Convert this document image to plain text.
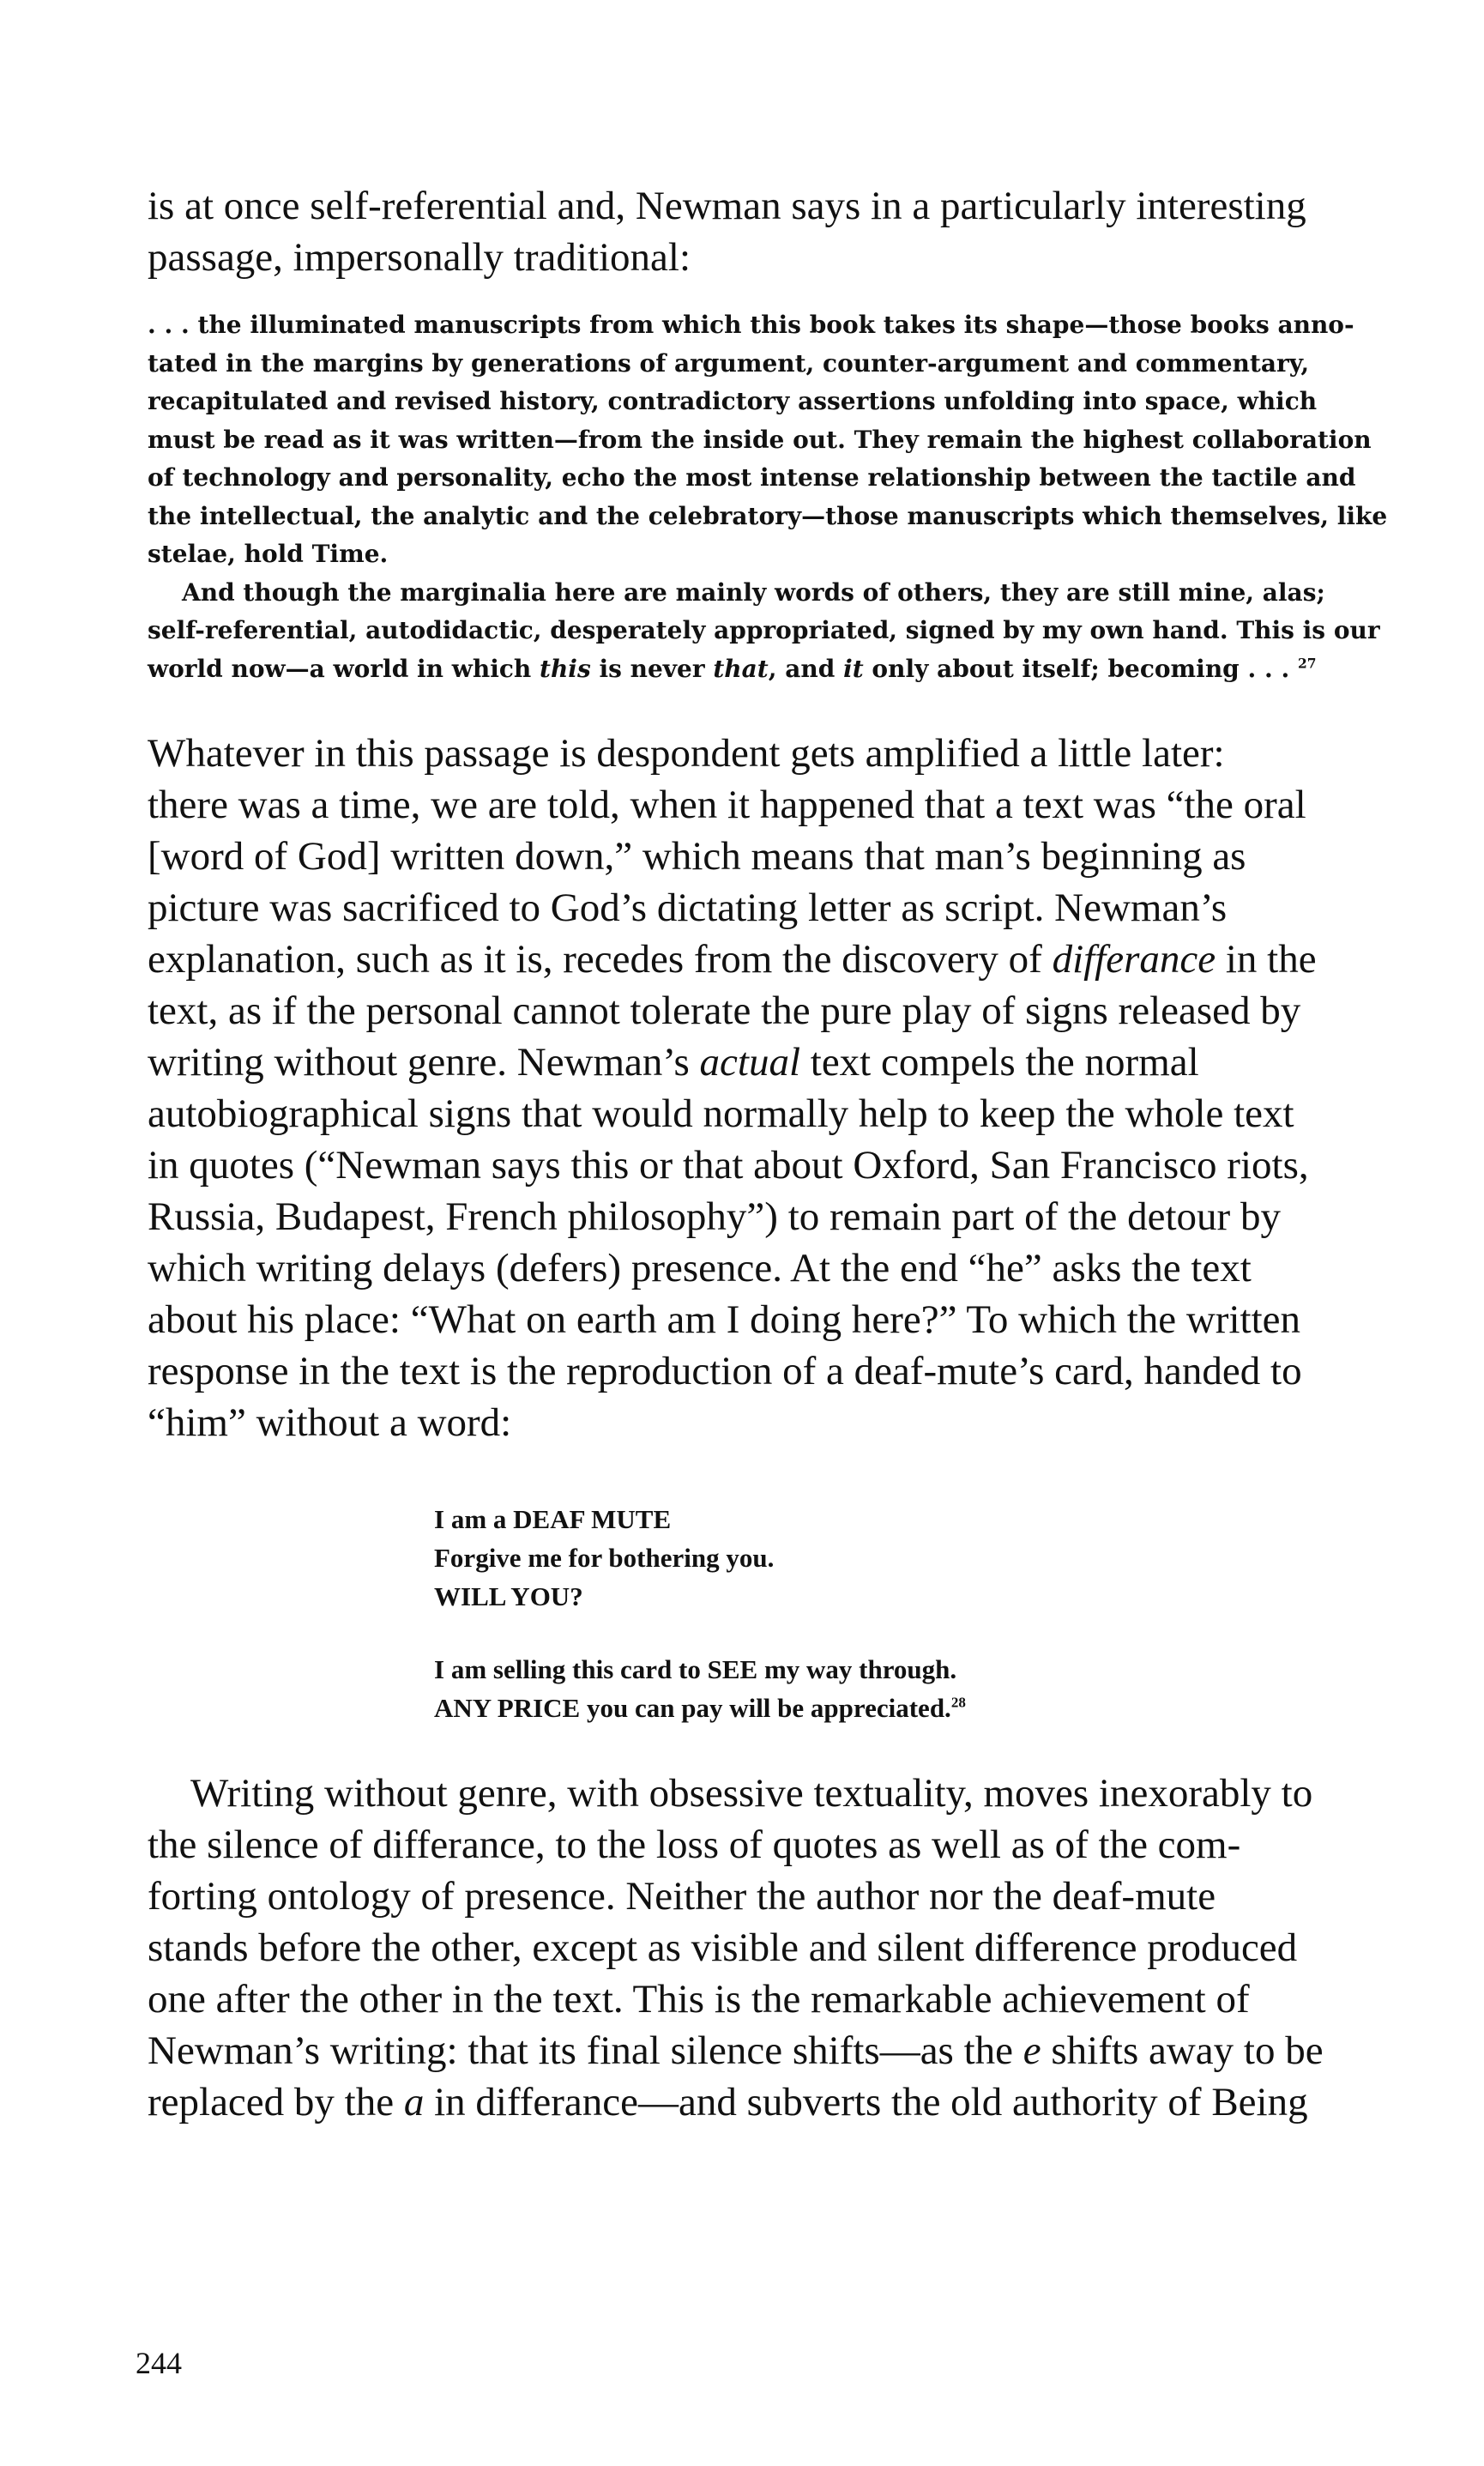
is at once self-referential and, Newman says in a particularly interesting
passage, impersonally traditional:

. . . the illuminated manuscripts from which this book takes its shape—those books anno-
tated in the margins by generations of argument, counter-argument and commentary,
recapitulated and revised history, contradictory assertions unfolding into space, which
must be read as it was written—from the inside out. They remain the highest collaboration
of technology and personality, echo the most intense relationship between the tactile and
the intellectual, the analytic and the celebratory—those manuscripts which themselves, like
stelae, hold Time.
And though the marginalia here are mainly words of others, they are still mine, alas;
self-referential, autodidactic, desperately appropriated, signed by my own hand. This is our
world now—a world in which this is never that, and it only about itself; becoming . . . $^{27}$

Whatever in this passage is despondent gets amplified a little later:
there was a time, we are told, when it happened that a text was “the oral
[word of God] written down,” which means that man’s beginning as
picture was sacrificed to God’s dictating letter as script. Newman’s
explanation, such as it is, recedes from the discovery of differance in the
text, as if the personal cannot tolerate the pure play of signs released by
writing without genre. Newman’s actual text compels the normal
autobiographical signs that would normally help to keep the whole text
in quotes (“Newman says this or that about Oxford, San Francisco riots,
Russia, Budapest, French philosophy”) to remain part of the detour by
which writing delays (defers) presence. At the end “he” asks the text
about his place: “What on earth am I doing here?” To which the written
response in the text is the reproduction of a deaf-mute’s card, handed to
“him” without a word:

I am a DEAF MUTE
Forgive me for bothering you.
WILL YOU?
I am selling this card to SEE my way through.
ANY PRICE you can pay will be appreciated.$^{28}$

Writing without genre, with obsessive textuality, moves inexorably to
the silence of differance, to the loss of quotes as well as of the com-
forting ontology of presence. Neither the author nor the deaf-mute
stands before the other, except as visible and silent difference produced
one after the other in the text. This is the remarkable achievement of
Newman’s writing: that its final silence shifts—as the e shifts away to be
replaced by the a in differance—and subverts the old authority of Being

244
